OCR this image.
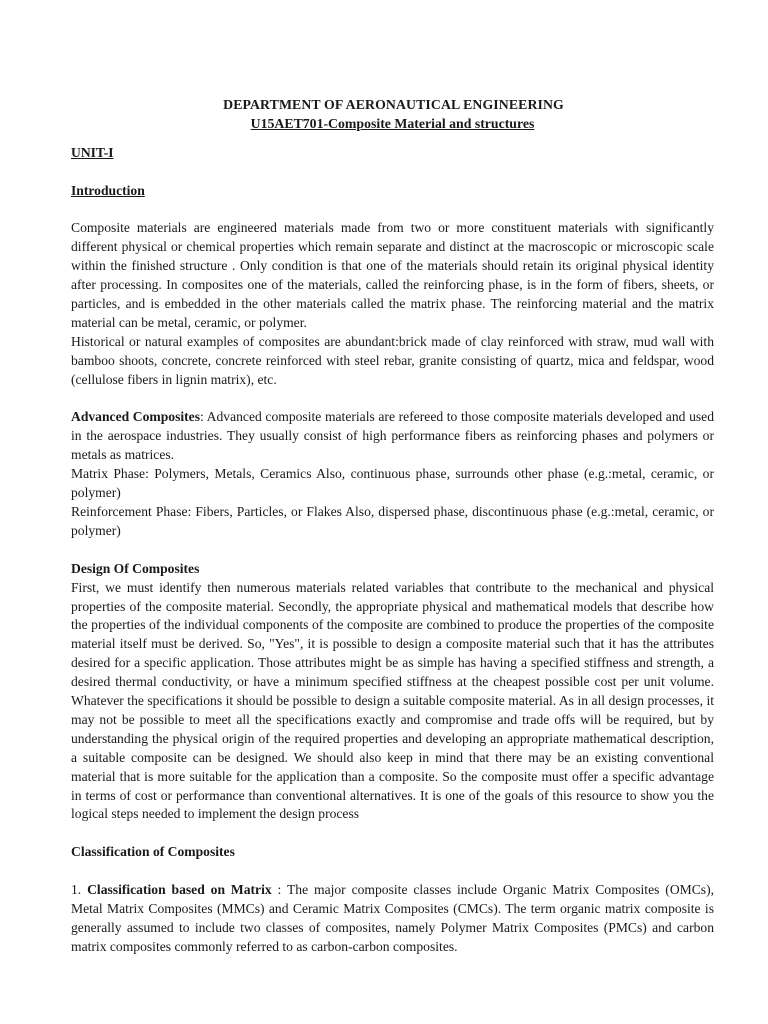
DEPARTMENT OF AERONAUTICAL ENGINEERING
U15AET701-Composite Material and structures
UNIT-I
Introduction

Composite materials are engineered materials made from two or more constituent materials with significantly different physical or chemical properties which remain separate and distinct at the macroscopic or microscopic scale within the finished structure . Only condition is that one of the materials should retain its original physical identity after processing. In composites one of the materials, called the reinforcing phase, is in the form of fibers, sheets, or particles, and is embedded in the other materials called the matrix phase. The reinforcing material and the matrix material can be metal, ceramic, or polymer.

Historical or natural examples of composites are abundant:brick made of clay reinforced with straw, mud wall with bamboo shoots, concrete, concrete reinforced with steel rebar, granite consisting of quartz, mica and feldspar, wood (cellulose fibers in lignin matrix), etc.

Advanced Composites: Advanced composite materials are refereed to those composite materials developed and used in the aerospace industries. They usually consist of high performance fibers as reinforcing phases and polymers or metals as matrices.

Matrix Phase: Polymers, Metals, Ceramics Also, continuous phase, surrounds other phase (e.g.:metal, ceramic, or polymer)

Reinforcement Phase: Fibers, Particles, or Flakes Also, dispersed phase, discontinuous phase (e.g.:metal, ceramic, or polymer)

Design Of Composites

First, we must identify then numerous materials related variables that contribute to the mechanical and physical properties of the composite material. Secondly, the appropriate physical and mathematical models that describe how the properties of the individual components of the composite are combined to produce the properties of the composite material itself must be derived. So, "Yes", it is possible to design a composite material such that it has the attributes desired for a specific application. Those attributes might be as simple has having a specified stiffness and strength, a desired thermal conductivity, or have a minimum specified stiffness at the cheapest possible cost per unit volume. Whatever the specifications it should be possible to design a suitable composite material. As in all design processes, it may not be possible to meet all the specifications exactly and compromise and trade offs will be required, but by understanding the physical origin of the required properties and developing an appropriate mathematical description, a suitable composite can be designed. We should also keep in mind that there may be an existing conventional material that is more suitable for the application than a composite. So the composite must offer a specific advantage in terms of cost or performance than conventional alternatives. It is one of the goals of this resource to show you the logical steps needed to implement the design process

Classification of Composites

1. Classification based on Matrix : The major composite classes include Organic Matrix Composites (OMCs), Metal Matrix Composites (MMCs) and Ceramic Matrix Composites (CMCs). The term organic matrix composite is generally assumed to include two classes of composites, namely Polymer Matrix Composites (PMCs) and carbon matrix composites commonly referred to as carbon-carbon composites.
